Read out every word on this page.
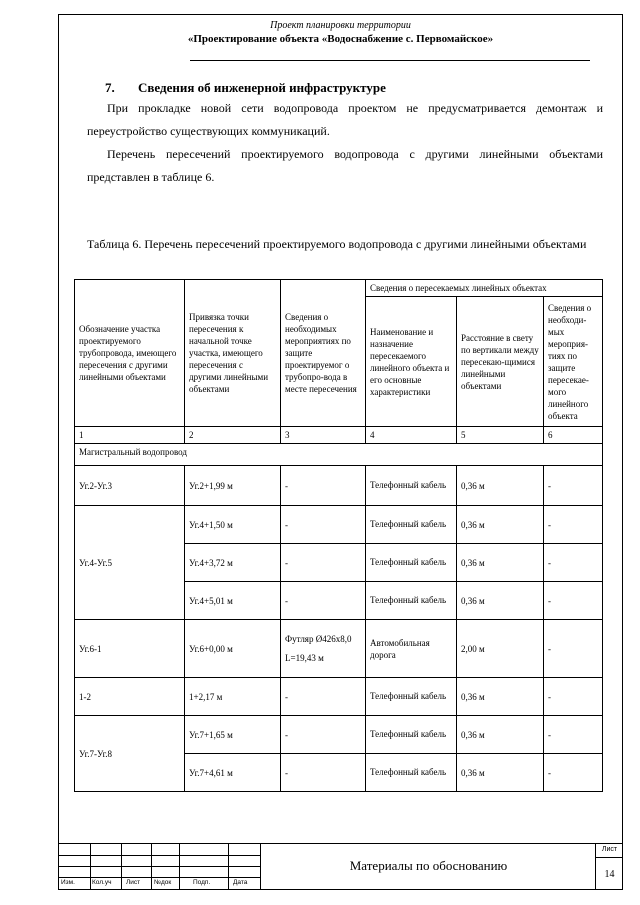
Проект планировки территории
«Проектирование объекта «Водоснабжение с. Первомайское»
7. Сведения об инженерной инфраструктуре

При прокладке новой сети водопровода проектом не предусматривается демонтаж и переустройство существующих коммуникаций.

Перечень пересечений проектируемого водопровода с другими линейными объектами представлен в таблице 6.

Таблица 6. Перечень пересечений проектируемого водопровода с другими линейными объектами

Обозначение участка проектируемого трубопровода, имеющего пересечения с другими линейными объектами	Привязка точки пересечения к начальной точке участка, имеющего пересечения с другими линейными объектами	Сведения о необходимых мероприятиях по защите проектируемог о трубопро-вода в месте пересечения	Сведения о пересекаемых линейных объектах		
			Наименование и назначение пересекаемого линейного объекта и его основные характеристики	Расстояние в свету по вертикали между пересекаю-щимися линейными объектами	Сведения о необходи-мых мероприя-тиях по защите пересекае-мого линейного объекта
1	2	3	4	5	6
Магистральный водопровод					
Уг.2-Уг.3	Уг.2+1,99 м	-	Телефонный кабель	0,36 м	-
Уг.4-Уг.5	Уг.4+1,50 м	-	Телефонный кабель	0,36 м	-
	Уг.4+3,72 м	-	Телефонный кабель	0,36 м	-
	Уг.4+5,01 м	-	Телефонный кабель	0,36 м	-
Уг.6-1	Уг.6+0,00 м	Футляр Ø426х8,0 L=19,43 м	Автомобильная дорога	2,00 м	-
1-2	1+2,17 м	-	Телефонный кабель	0,36 м	-
Уг.7-Уг.8	Уг.7+1,65 м	-	Телефонный кабель	0,36 м	-
	Уг.7+4,61 м	-	Телефонный кабель	0,36 м	-
Изм.	Кол.уч Лист №док	Подп.	Дата
Материалы по обоснованию
Лист
14
